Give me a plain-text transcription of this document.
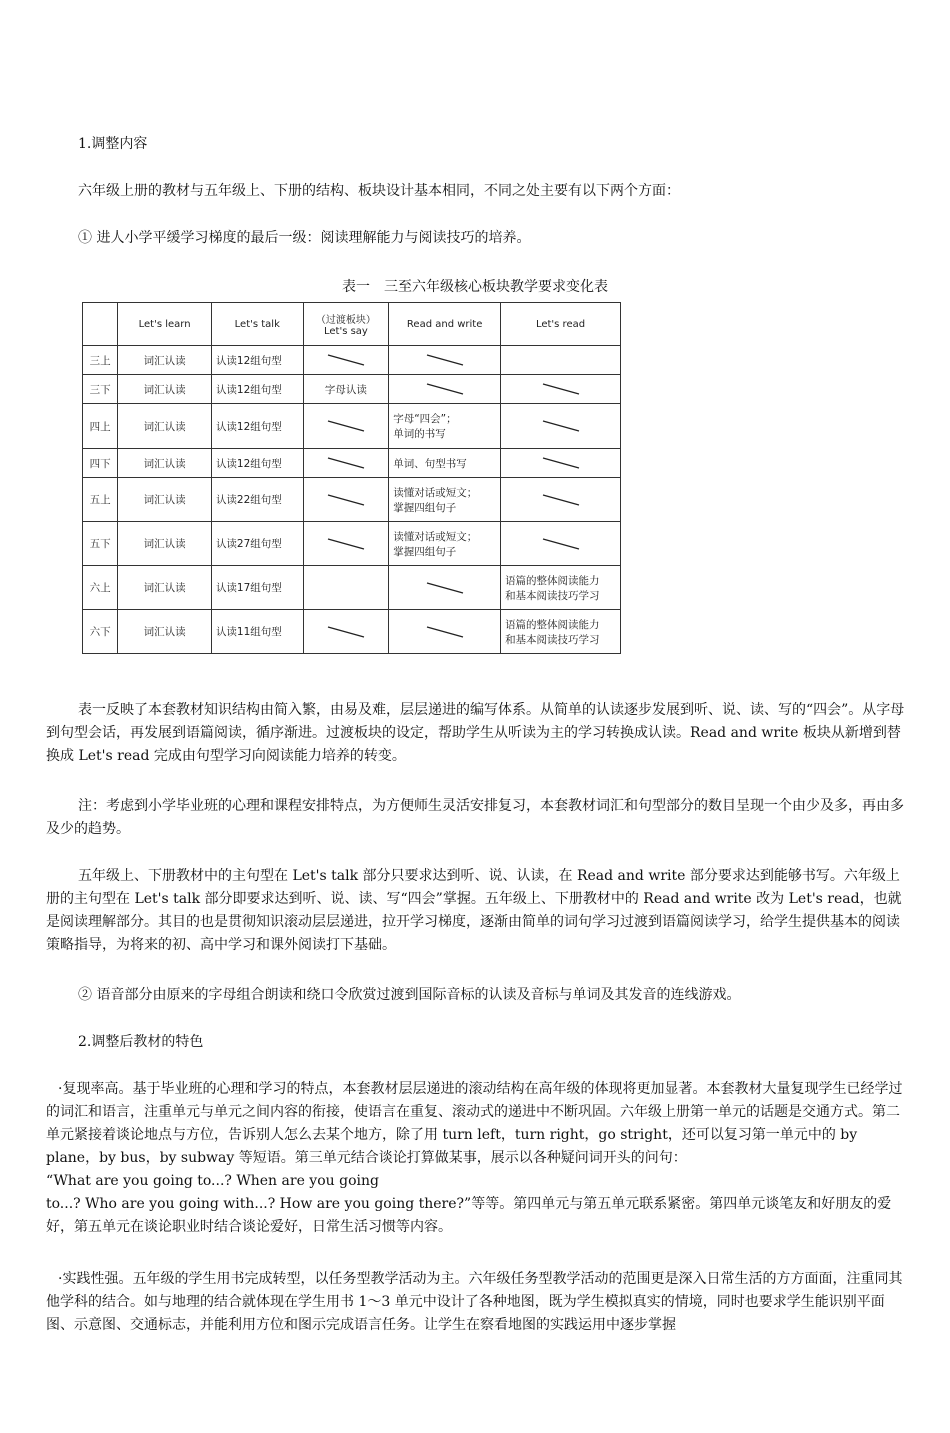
1.调整内容

六年级上册的教材与五年级上、下册的结构、板块设计基本相同，不同之处主要有以下两个方面：

① 进人小学平缓学习梯度的最后一级：阅读理解能力与阅读技巧的培养。

表一　三至六年级核心板块教学要求变化表
	Let's learn	Let's talk	（过渡板块）
Let's say	Read and write	Let's read
三上	词汇认读	认读12组句型	

三下	词汇认读	认读12组句型	字母认读	

四上	词汇认读	认读12组句型		字母“四会”；
单词的书写

四下	词汇认读	认读12组句型		单词、句型书写	

五上	词汇认读	认读22组句型		读懂对话或短文；
掌握四组句子

五下	词汇认读	认读27组句型		读懂对话或短文；
掌握四组句子

六上	词汇认读	认读17组句型			语篇的整体阅读能力
和基本阅读技巧学习

六下	词汇认读	认读11组句型			语篇的整体阅读能力
和基本阅读技巧学习

表一反映了本套教材知识结构由简入繁，由易及难，层层递进的编写体系。从简单的认读逐步发展到听、说、读、写的“四会”。从字母到句型会话，再发展到语篇阅读，循序渐进。过渡板块的设定，帮助学生从听读为主的学习转换成认读。Read and write 板块从新增到替换成 Let's read 完成由句型学习向阅读能力培养的转变。

注：考虑到小学毕业班的心理和课程安排特点，为方便师生灵活安排复习，本套教材词汇和句型部分的数目呈现一个由少及多，再由多及少的趋势。

五年级上、下册教材中的主句型在 Let's talk 部分只要求达到听、说、认读，在 Read and write 部分要求达到能够书写。六年级上册的主句型在 Let's talk 部分即要求达到听、说、读、写“四会”掌握。五年级上、下册教材中的 Read and write 改为 Let's read，也就是阅读理解部分。其目的也是贯彻知识滚动层层递进，拉开学习梯度，逐渐由简单的词句学习过渡到语篇阅读学习，给学生提供基本的阅读策略指导，为将来的初、高中学习和课外阅读打下基础。

② 语音部分由原来的字母组合朗读和绕口令欣赏过渡到国际音标的认读及音标与单词及其发音的连线游戏。

2.调整后教材的特色

·复现率高。基于毕业班的心理和学习的特点，本套教材层层递进的滚动结构在高年级的体现将更加显著。本套教材大量复现学生已经学过的词汇和语言，注重单元与单元之间内容的衔接，使语言在重复、滚动式的递进中不断巩固。六年级上册第一单元的话题是交通方式。第二单元紧接着谈论地点与方位，告诉别人怎么去某个地方，除了用 turn left，turn right，go stright，还可以复习第一单元中的 by plane，by bus，by subway 等短语。第三单元结合谈论打算做某事，展示以各种疑问词开头的问句：
“What are you going to...? When are you going
to...? Who are you going with...? How are you going there?”等等。第四单元与第五单元联系紧密。第四单元谈笔友和好朋友的爱好，第五单元在谈论职业时结合谈论爱好，日常生活习惯等内容。

·实践性强。五年级的学生用书完成转型，以任务型教学活动为主。六年级任务型教学活动的范围更是深入日常生活的方方面面，注重同其他学科的结合。如与地理的结合就体现在学生用书 1～3 单元中设计了各种地图，既为学生模拟真实的情境，同时也要求学生能识别平面图、示意图、交通标志，并能利用方位和图示完成语言任务。让学生在察看地图的实践运用中逐步掌握
